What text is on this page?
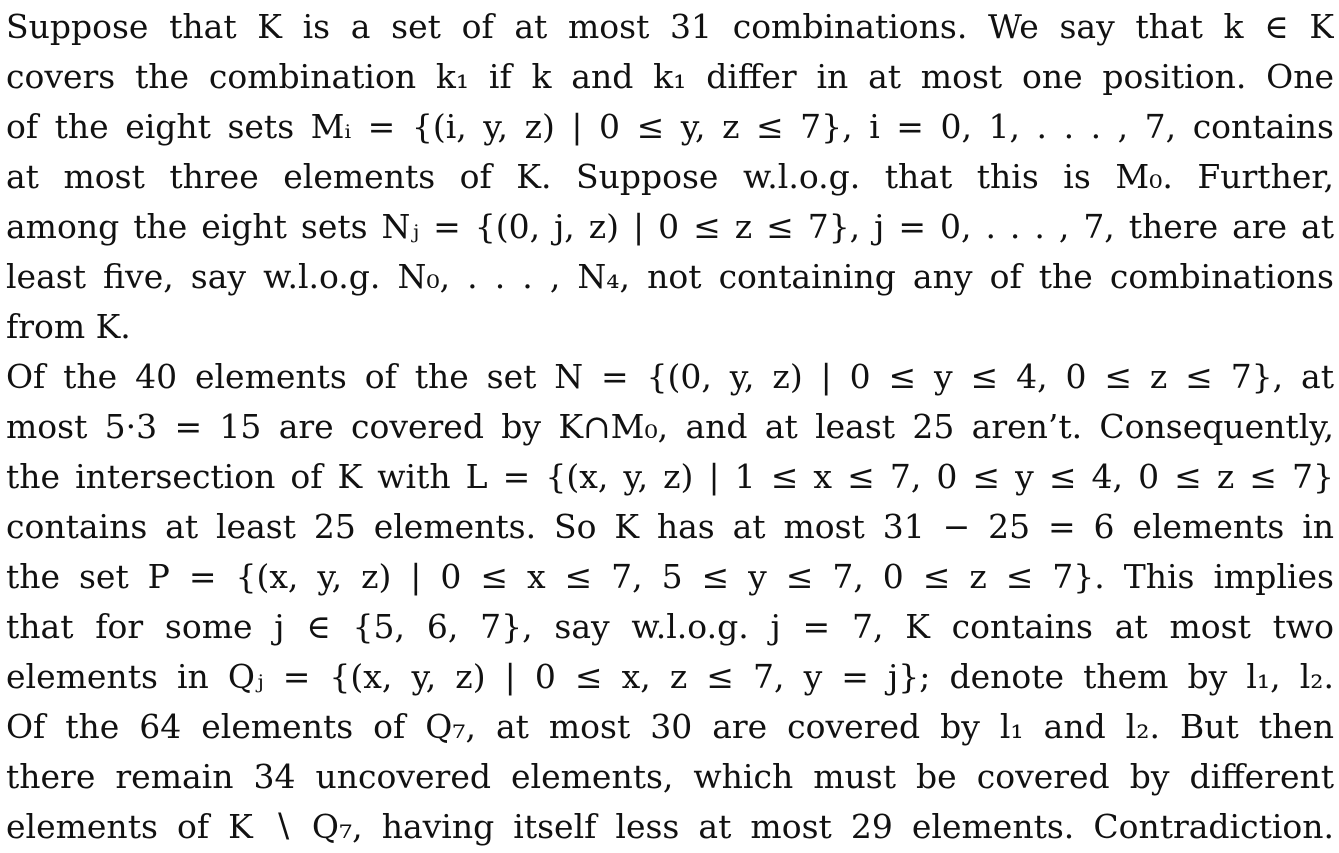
Suppose that K is a set of at most 31 combinations. We say that k ∈ K
covers the combination k₁ if k and k₁ differ in at most one position. One
of the eight sets Mᵢ = {(i, y, z) | 0 ≤ y, z ≤ 7}, i = 0, 1, . . . , 7, contains
at most three elements of K. Suppose w.l.o.g. that this is M₀. Further,
among the eight sets Nⱼ = {(0, j, z) | 0 ≤ z ≤ 7}, j = 0, . . . , 7, there are at
least five, say w.l.o.g. N₀, . . . , N₄, not containing any of the combinations
from K.
Of the 40 elements of the set N = {(0, y, z) | 0 ≤ y ≤ 4, 0 ≤ z ≤ 7}, at
most 5·3 = 15 are covered by K∩M₀, and at least 25 aren’t. Consequently,
the intersection of K with L = {(x, y, z) | 1 ≤ x ≤ 7, 0 ≤ y ≤ 4, 0 ≤ z ≤ 7}
contains at least 25 elements. So K has at most 31 − 25 = 6 elements in
the set P = {(x, y, z) | 0 ≤ x ≤ 7, 5 ≤ y ≤ 7, 0 ≤ z ≤ 7}. This implies
that for some j ∈ {5, 6, 7}, say w.l.o.g. j = 7, K contains at most two
elements in Qⱼ = {(x, y, z) | 0 ≤ x, z ≤ 7, y = j}; denote them by l₁, l₂.
Of the 64 elements of Q₇, at most 30 are covered by l₁ and l₂. But then
there remain 34 uncovered elements, which must be covered by different
elements of K ∖ Q₇, having itself less at most 29 elements. Contradiction.
